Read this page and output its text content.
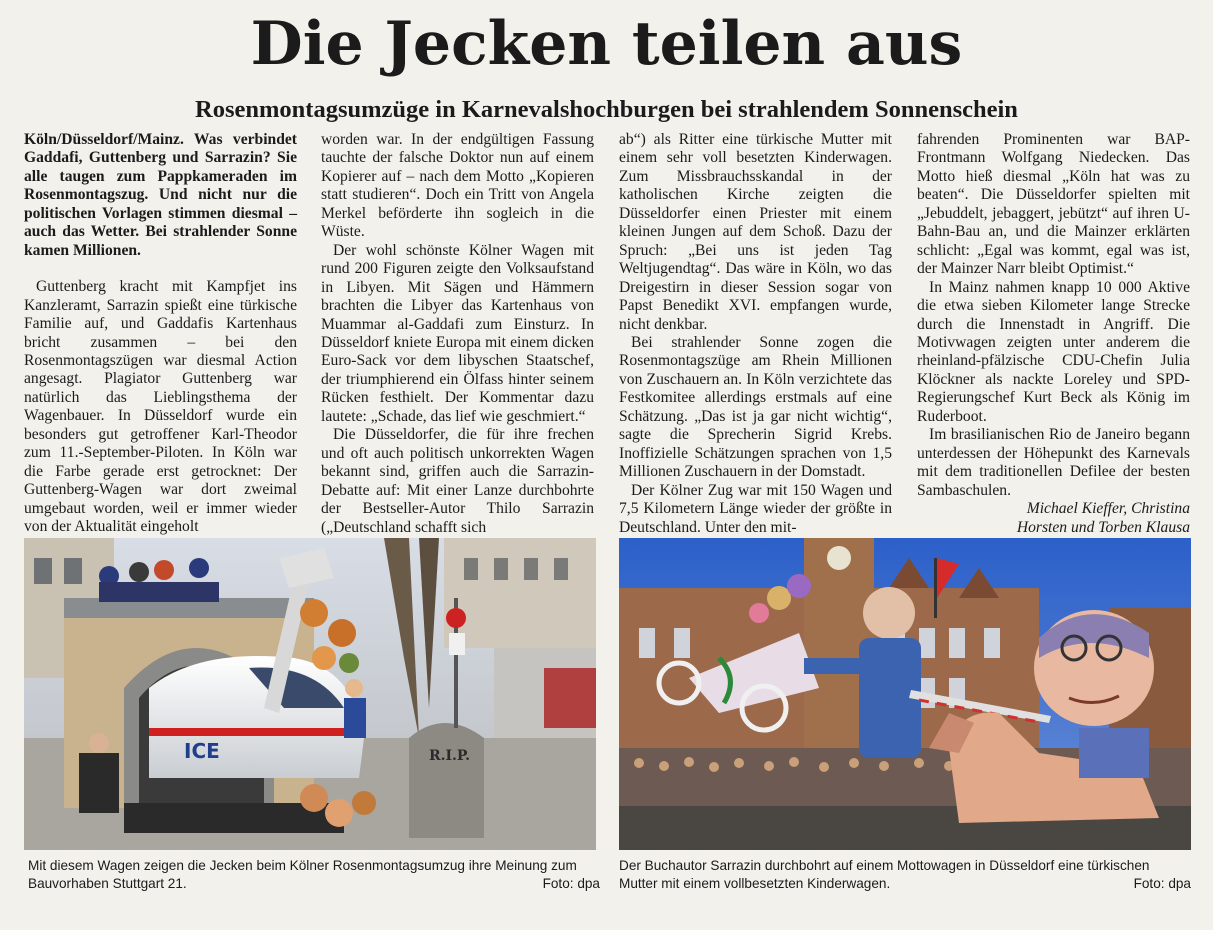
Die Jecken teilen aus
Rosenmontagsumzüge in Karnevalshochburgen bei strahlendem Sonnenschein

Köln/Düsseldorf/Mainz. Was verbindet Gaddafi, Guttenberg und Sarrazin? Sie alle taugen zum Pappkameraden im Rosenmontagszug. Und nicht nur die politischen Vorlagen stimmen diesmal – auch das Wetter. Bei strahlender Sonne kamen Millionen.

Guttenberg kracht mit Kampfjet ins Kanzleramt, Sarrazin spießt eine türkische Familie auf, und Gaddafis Kartenhaus bricht zusammen – bei den Rosenmontagszügen war diesmal Action angesagt. Plagiator Guttenberg war natürlich das Lieblingsthema der Wagenbauer. In Düsseldorf wurde ein besonders gut getroffener Karl-Theodor zum 11.-September-Piloten. In Köln war die Farbe gerade erst getrocknet: Der Guttenberg-Wagen war dort zweimal umgebaut worden, weil er immer wieder von der Aktualität eingeholt

worden war. In der endgültigen Fassung tauchte der falsche Doktor nun auf einem Kopierer auf – nach dem Motto „Kopieren statt studieren“. Doch ein Tritt von Angela Merkel beförderte ihn sogleich in die Wüste.

Der wohl schönste Kölner Wagen mit rund 200 Figuren zeigte den Volksaufstand in Libyen. Mit Sägen und Hämmern brachten die Libyer das Kartenhaus von Muammar al-Gaddafi zum Einsturz. In Düsseldorf kniete Europa mit einem dicken Euro-Sack vor dem libyschen Staatschef, der triumphierend ein Ölfass hinter seinem Rücken festhielt. Der Kommentar dazu lautete: „Schade, das lief wie geschmiert.“

Die Düsseldorfer, die für ihre frechen und oft auch politisch unkorrekten Wagen bekannt sind, griffen auch die Sarrazin-Debatte auf: Mit einer Lanze durchbohrte der Bestseller-Autor Thilo Sarrazin („Deutschland schafft sich

ab“) als Ritter eine türkische Mutter mit einem sehr voll besetzten Kinderwagen. Zum Missbrauchsskandal in der katholischen Kirche zeigten die Düsseldorfer einen Priester mit einem kleinen Jungen auf dem Schoß. Dazu der Spruch: „Bei uns ist jeden Tag Weltjugendtag“. Das wäre in Köln, wo das Dreigestirn in dieser Session sogar von Papst Benedikt XVI. empfangen wurde, nicht denkbar.

Bei strahlender Sonne zogen die Rosenmontagszüge am Rhein Millionen von Zuschauern an. In Köln verzichtete das Festkomitee allerdings erstmals auf eine Schätzung. „Das ist ja gar nicht wichtig“, sagte die Sprecherin Sigrid Krebs. Inoffizielle Schätzungen sprachen von 1,5 Millionen Zuschauern in der Domstadt.

Der Kölner Zug war mit 150 Wagen und 7,5 Kilometern Länge wieder der größte in Deutschland. Unter den mit-

fahrenden Prominenten war BAP-Frontmann Wolfgang Niedecken. Das Motto hieß diesmal „Köln hat was zu beaten“. Die Düsseldorfer spielten mit „Jebuddelt, jebaggert, jebützt“ auf ihren U-Bahn-Bau an, und die Mainzer erklärten schlicht: „Egal was kommt, egal was ist, der Mainzer Narr bleibt Optimist.“

In Mainz nahmen knapp 10 000 Aktive die etwa sieben Kilometer lange Strecke durch die Innenstadt in Angriff. Die Motivwagen zeigten unter anderem die rheinland-pfälzische CDU-Chefin Julia Klöckner als nackte Loreley und SPD-Regierungschef Kurt Beck als König im Ruderboot.

Im brasilianischen Rio de Janeiro begann unterdessen der Höhepunkt des Karnevals mit dem traditionellen Defilee der besten Sambaschulen.

Michael Kieffer, Christina

Horsten und Torben Klausa

ICE	R.I.P.
Mit diesem Wagen zeigen die Jecken beim Kölner Rosenmontagsumzug ihre Meinung zum Bauvorhaben Stuttgart 21.	Foto: dpa
Der Buchautor Sarrazin durchbohrt auf einem Mottowagen in Düsseldorf eine türkischen Mutter mit einem vollbesetzten Kinderwagen.	Foto: dpa
